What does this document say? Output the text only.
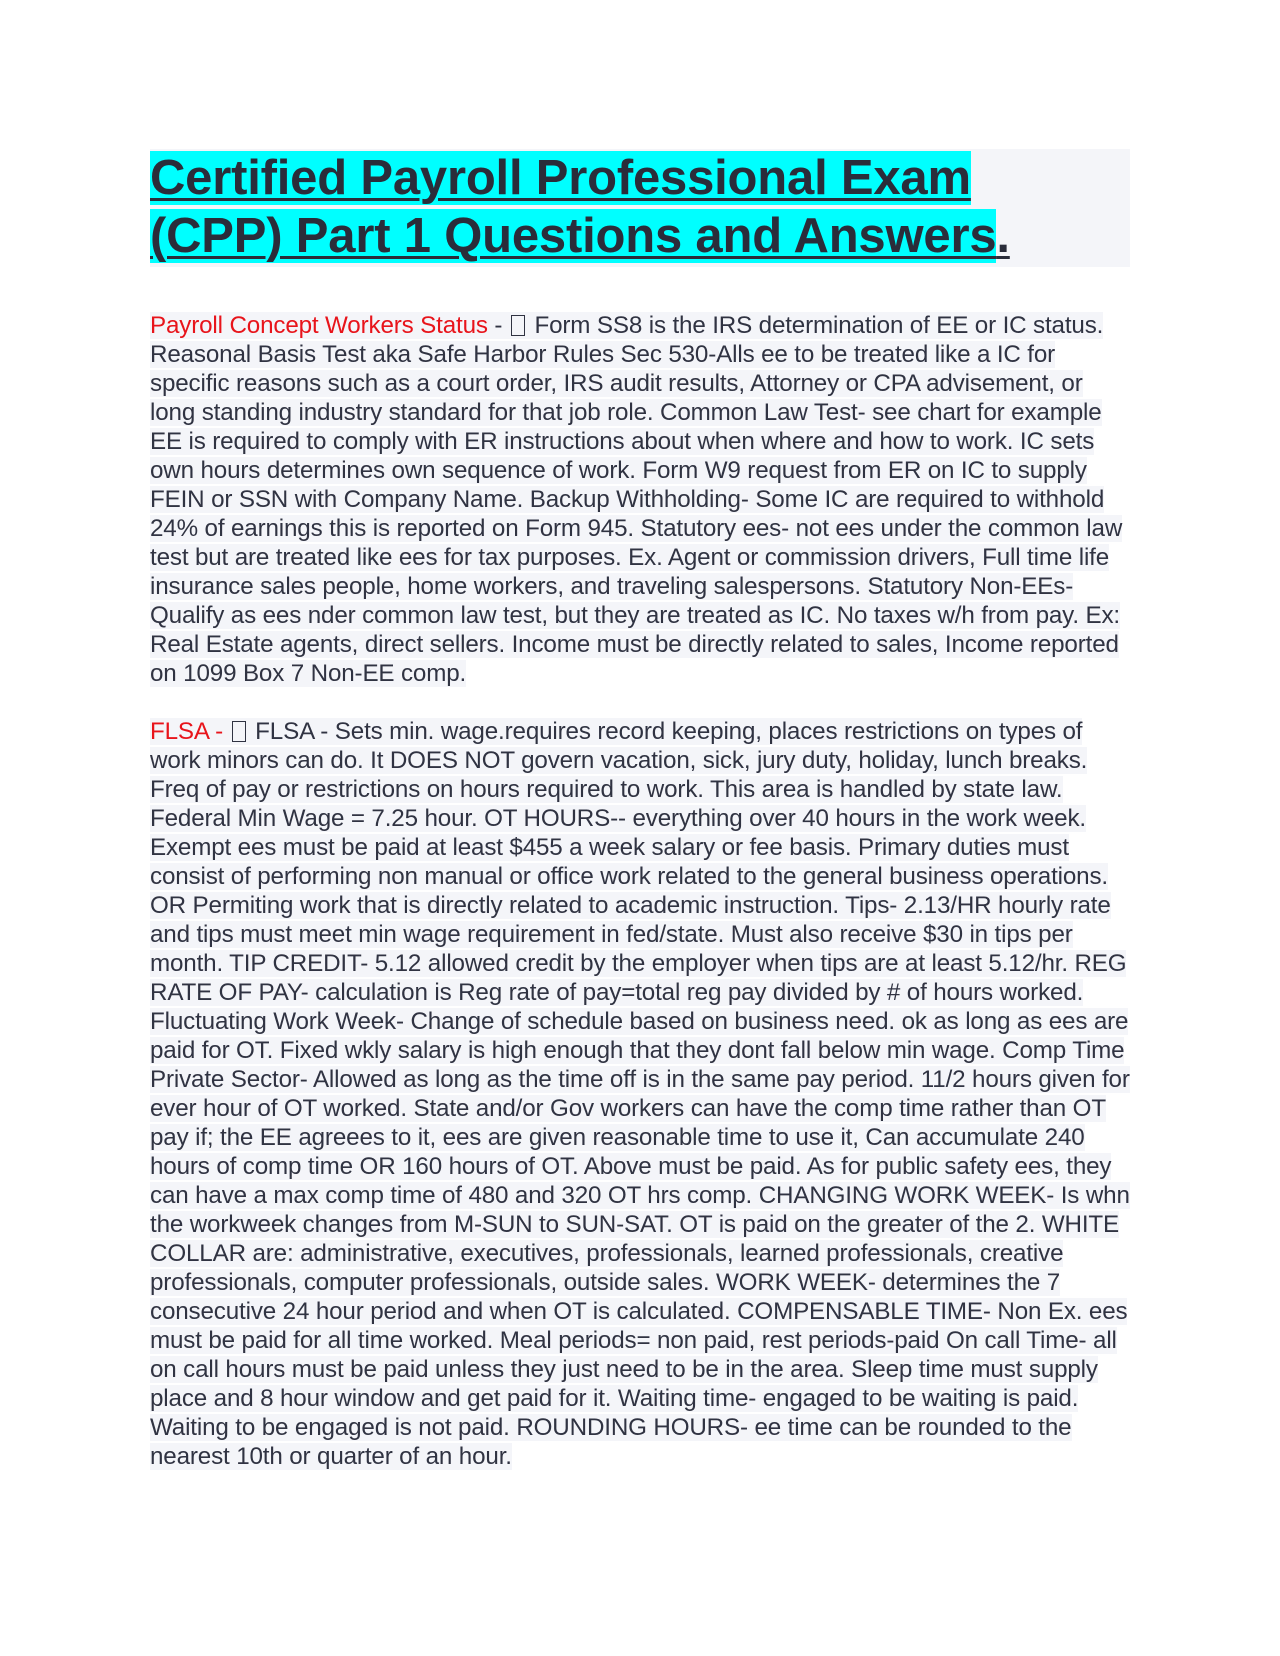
Certified Payroll Professional Exam
(CPP) Part 1 Questions and Answers.

Payroll Concept Workers Status -  Form SS8 is the IRS determination of EE or IC status. Reasonal Basis Test aka Safe Harbor Rules Sec 530-Alls ee to be treated like a IC for specific reasons such as a court order, IRS audit results, Attorney or CPA advisement, or long standing industry standard for that job role. Common Law Test- see chart for example EE is required to comply with ER instructions about when where and how to work. IC sets own hours determines own sequence of work. Form W9 request from ER on IC to supply FEIN or SSN with Company Name. Backup Withholding- Some IC are required to withhold 24% of earnings this is reported on Form 945. Statutory ees- not ees under the common law test but are treated like ees for tax purposes. Ex. Agent or commission drivers, Full time life insurance sales people, home workers, and traveling salespersons. Statutory Non-EEs- Qualify as ees nder common law test, but they are treated as IC. No taxes w/h from pay. Ex: Real Estate agents, direct sellers. Income must be directly related to sales, Income reported on 1099 Box 7 Non-EE comp.

FLSA -  FLSA - Sets min. wage.requires record keeping, places restrictions on types of work minors can do. It DOES NOT govern vacation, sick, jury duty, holiday, lunch breaks. Freq of pay or restrictions on hours required to work. This area is handled by state law. Federal Min Wage = 7.25 hour. OT HOURS-- everything over 40 hours in the work week. Exempt ees must be paid at least $455 a week salary or fee basis. Primary duties must consist of performing non manual or office work related to the general business operations. OR Permiting work that is directly related to academic instruction. Tips- 2.13/HR hourly rate and tips must meet min wage requirement in fed/state. Must also receive $30 in tips per month. TIP CREDIT- 5.12 allowed credit by the employer when tips are at least 5.12/hr. REG RATE OF PAY- calculation is Reg rate of pay=total reg pay divided by # of hours worked. Fluctuating Work Week- Change of schedule based on business need. ok as long as ees are paid for OT. Fixed wkly salary is high enough that they dont fall below min wage. Comp Time Private Sector- Allowed as long as the time off is in the same pay period. 11/2 hours given for ever hour of OT worked. State and/or Gov workers can have the comp time rather than OT pay if; the EE agreees to it, ees are given reasonable time to use it, Can accumulate 240 hours of comp time OR 160 hours of OT. Above must be paid. As for public safety ees, they can have a max comp time of 480 and 320 OT hrs comp. CHANGING WORK WEEK- Is whn the workweek changes from M-SUN to SUN-SAT. OT is paid on the greater of the 2. WHITE COLLAR are: administrative, executives, professionals, learned professionals, creative professionals, computer professionals, outside sales. WORK WEEK- determines the 7 consecutive 24 hour period and when OT is calculated. COMPENSABLE TIME- Non Ex. ees must be paid for all time worked. Meal periods= non paid, rest periods-paid On call Time- all on call hours must be paid unless they just need to be in the area. Sleep time must supply place and 8 hour window and get paid for it. Waiting time- engaged to be waiting is paid. Waiting to be engaged is not paid. ROUNDING HOURS- ee time can be rounded to the nearest 10th or quarter of an hour.
